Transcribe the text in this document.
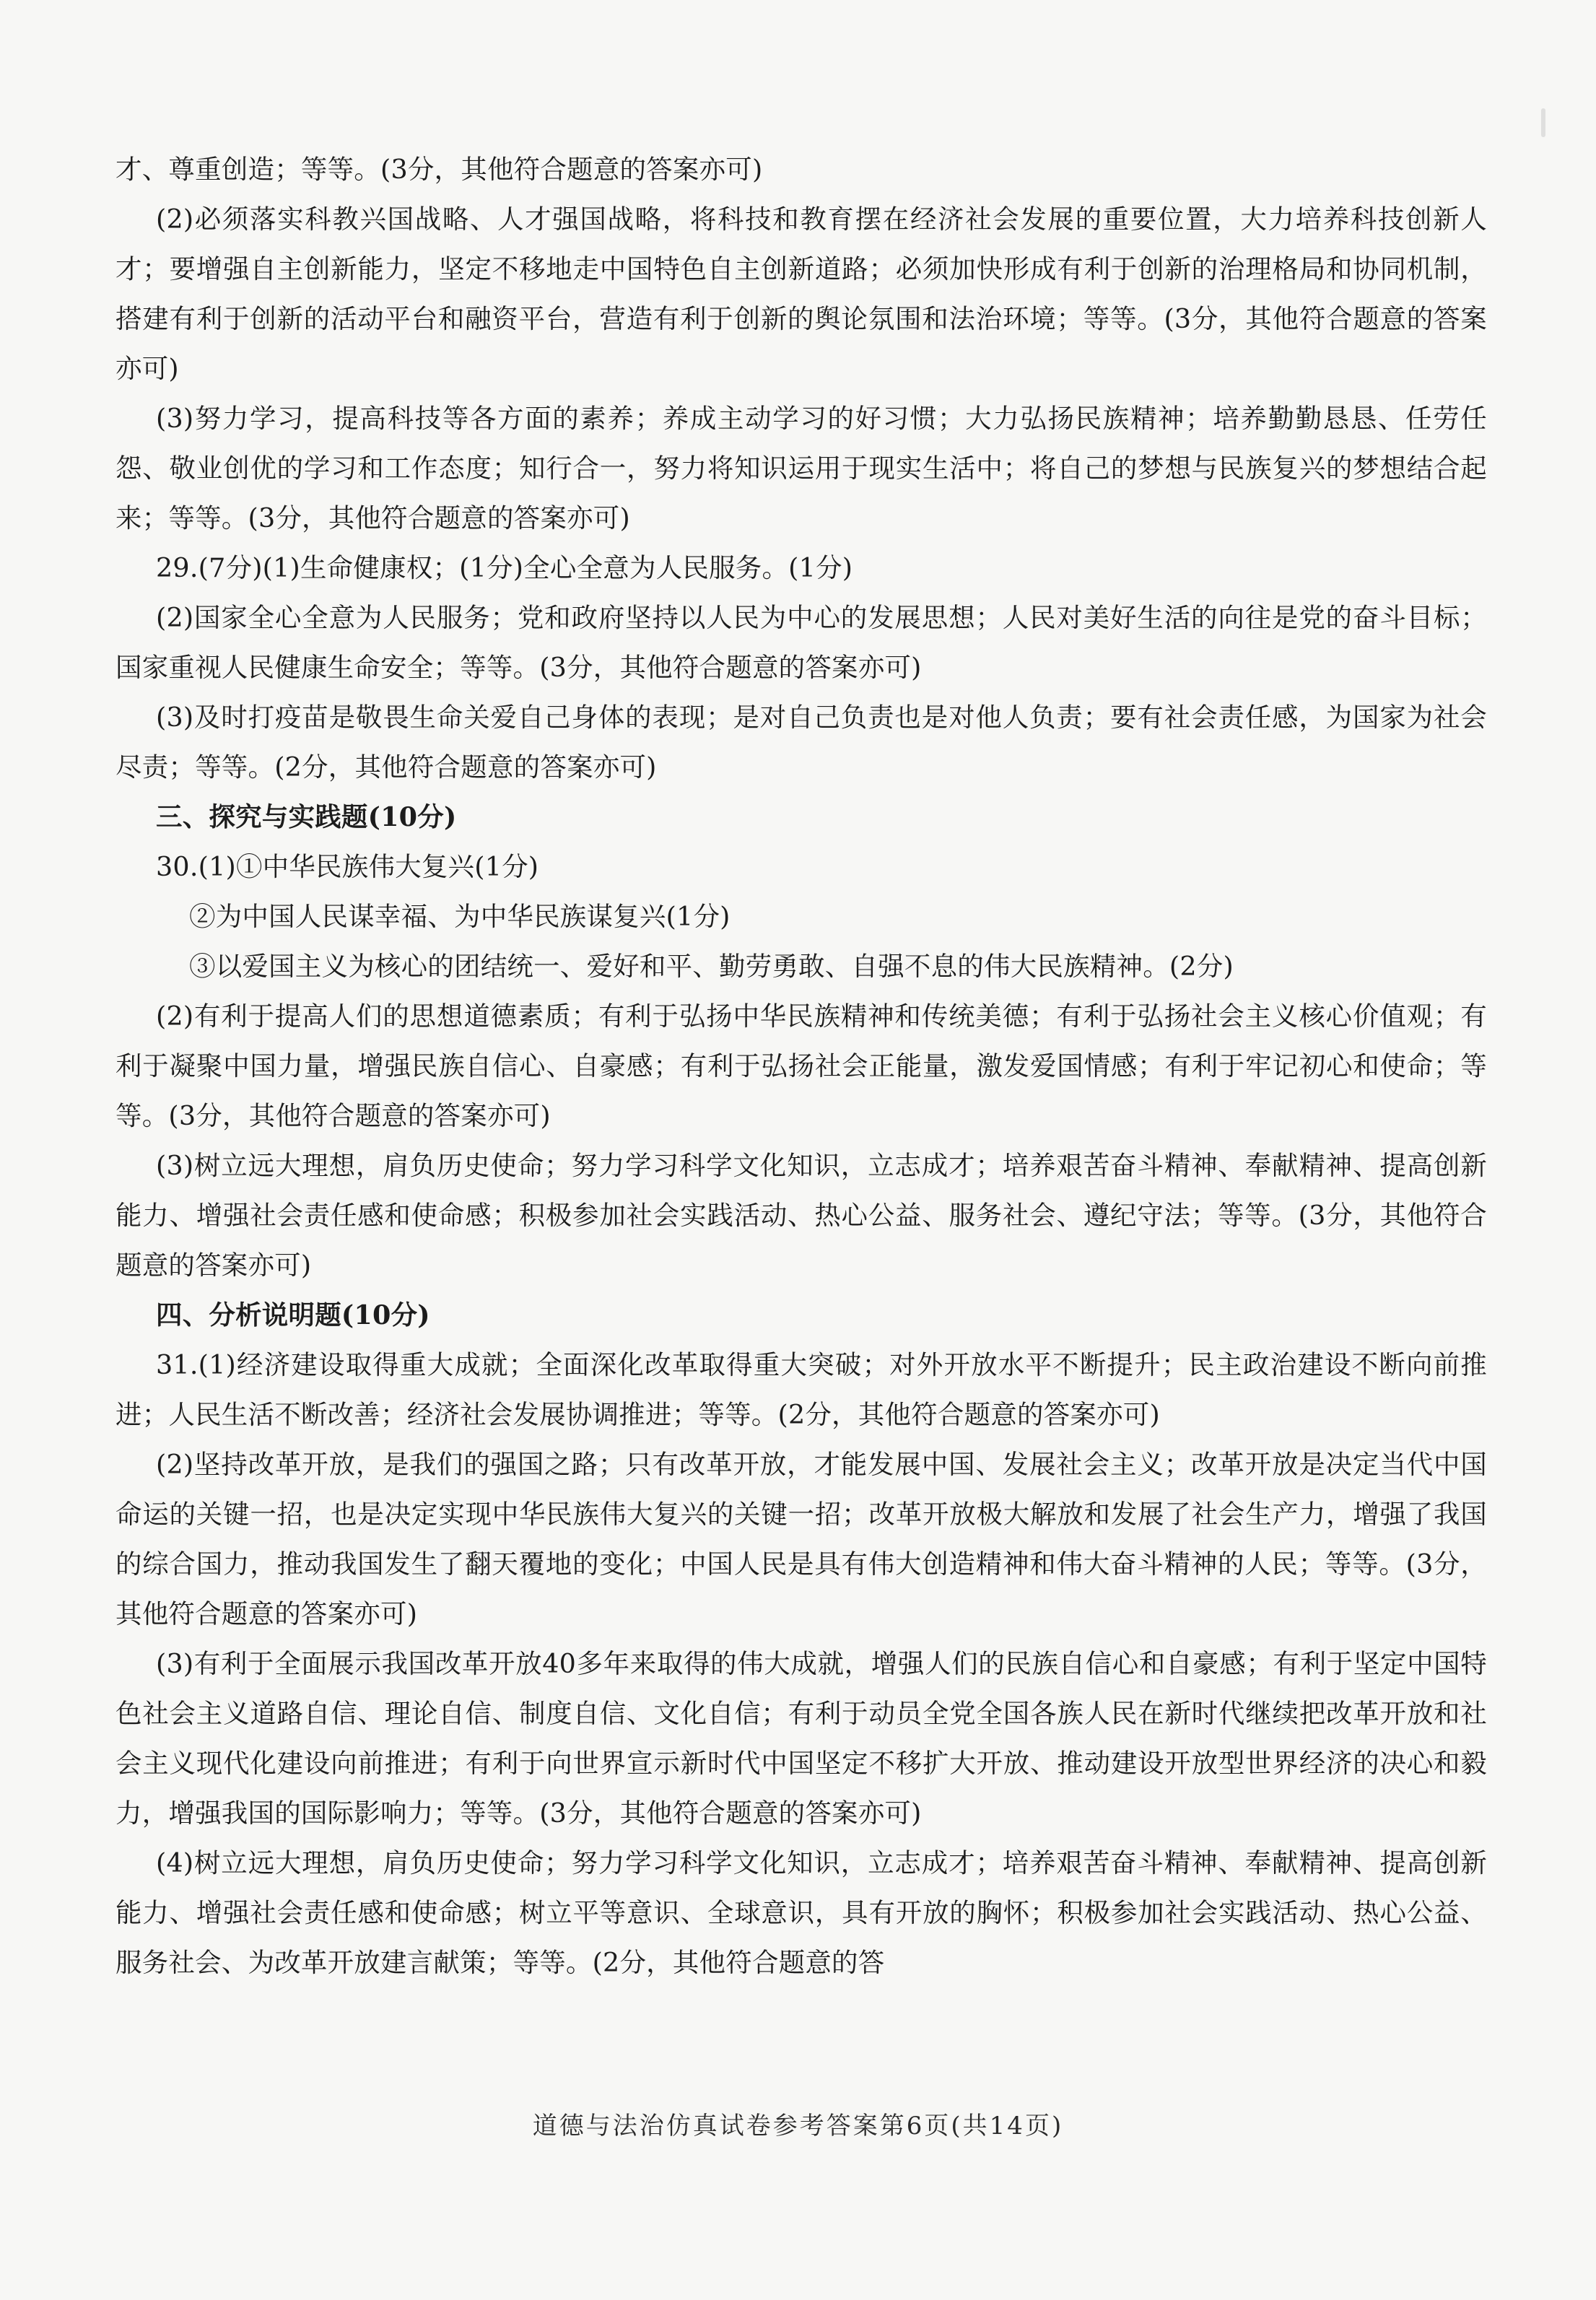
才、尊重创造；等等。(3分，其他符合题意的答案亦可)

(2)必须落实科教兴国战略、人才强国战略，将科技和教育摆在经济社会发展的重要位置，大力培养科技创新人才；要增强自主创新能力，坚定不移地走中国特色自主创新道路；必须加快形成有利于创新的治理格局和协同机制，搭建有利于创新的活动平台和融资平台，营造有利于创新的舆论氛围和法治环境；等等。(3分，其他符合题意的答案亦可)

(3)努力学习，提高科技等各方面的素养；养成主动学习的好习惯；大力弘扬民族精神；培养勤勤恳恳、任劳任怨、敬业创优的学习和工作态度；知行合一，努力将知识运用于现实生活中；将自己的梦想与民族复兴的梦想结合起来；等等。(3分，其他符合题意的答案亦可)

29.(7分)(1)生命健康权；(1分)全心全意为人民服务。(1分)

(2)国家全心全意为人民服务；党和政府坚持以人民为中心的发展思想；人民对美好生活的向往是党的奋斗目标；国家重视人民健康生命安全；等等。(3分，其他符合题意的答案亦可)

(3)及时打疫苗是敬畏生命关爱自己身体的表现；是对自己负责也是对他人负责；要有社会责任感，为国家为社会尽责；等等。(2分，其他符合题意的答案亦可)

三、探究与实践题(10分)

30.(1)①中华民族伟大复兴(1分)

②为中国人民谋幸福、为中华民族谋复兴(1分)

③以爱国主义为核心的团结统一、爱好和平、勤劳勇敢、自强不息的伟大民族精神。(2分)

(2)有利于提高人们的思想道德素质；有利于弘扬中华民族精神和传统美德；有利于弘扬社会主义核心价值观；有利于凝聚中国力量，增强民族自信心、自豪感；有利于弘扬社会正能量，激发爱国情感；有利于牢记初心和使命；等等。(3分，其他符合题意的答案亦可)

(3)树立远大理想，肩负历史使命；努力学习科学文化知识，立志成才；培养艰苦奋斗精神、奉献精神、提高创新能力、增强社会责任感和使命感；积极参加社会实践活动、热心公益、服务社会、遵纪守法；等等。(3分，其他符合题意的答案亦可)

四、分析说明题(10分)

31.(1)经济建设取得重大成就；全面深化改革取得重大突破；对外开放水平不断提升；民主政治建设不断向前推进；人民生活不断改善；经济社会发展协调推进；等等。(2分，其他符合题意的答案亦可)

(2)坚持改革开放，是我们的强国之路；只有改革开放，才能发展中国、发展社会主义；改革开放是决定当代中国命运的关键一招，也是决定实现中华民族伟大复兴的关键一招；改革开放极大解放和发展了社会生产力，增强了我国的综合国力，推动我国发生了翻天覆地的变化；中国人民是具有伟大创造精神和伟大奋斗精神的人民；等等。(3分，其他符合题意的答案亦可)

(3)有利于全面展示我国改革开放40多年来取得的伟大成就，增强人们的民族自信心和自豪感；有利于坚定中国特色社会主义道路自信、理论自信、制度自信、文化自信；有利于动员全党全国各族人民在新时代继续把改革开放和社会主义现代化建设向前推进；有利于向世界宣示新时代中国坚定不移扩大开放、推动建设开放型世界经济的决心和毅力，增强我国的国际影响力；等等。(3分，其他符合题意的答案亦可)

(4)树立远大理想，肩负历史使命；努力学习科学文化知识，立志成才；培养艰苦奋斗精神、奉献精神、提高创新能力、增强社会责任感和使命感；树立平等意识、全球意识，具有开放的胸怀；积极参加社会实践活动、热心公益、服务社会、为改革开放建言献策；等等。(2分，其他符合题意的答

道德与法治仿真试卷参考答案第6页(共14页)
